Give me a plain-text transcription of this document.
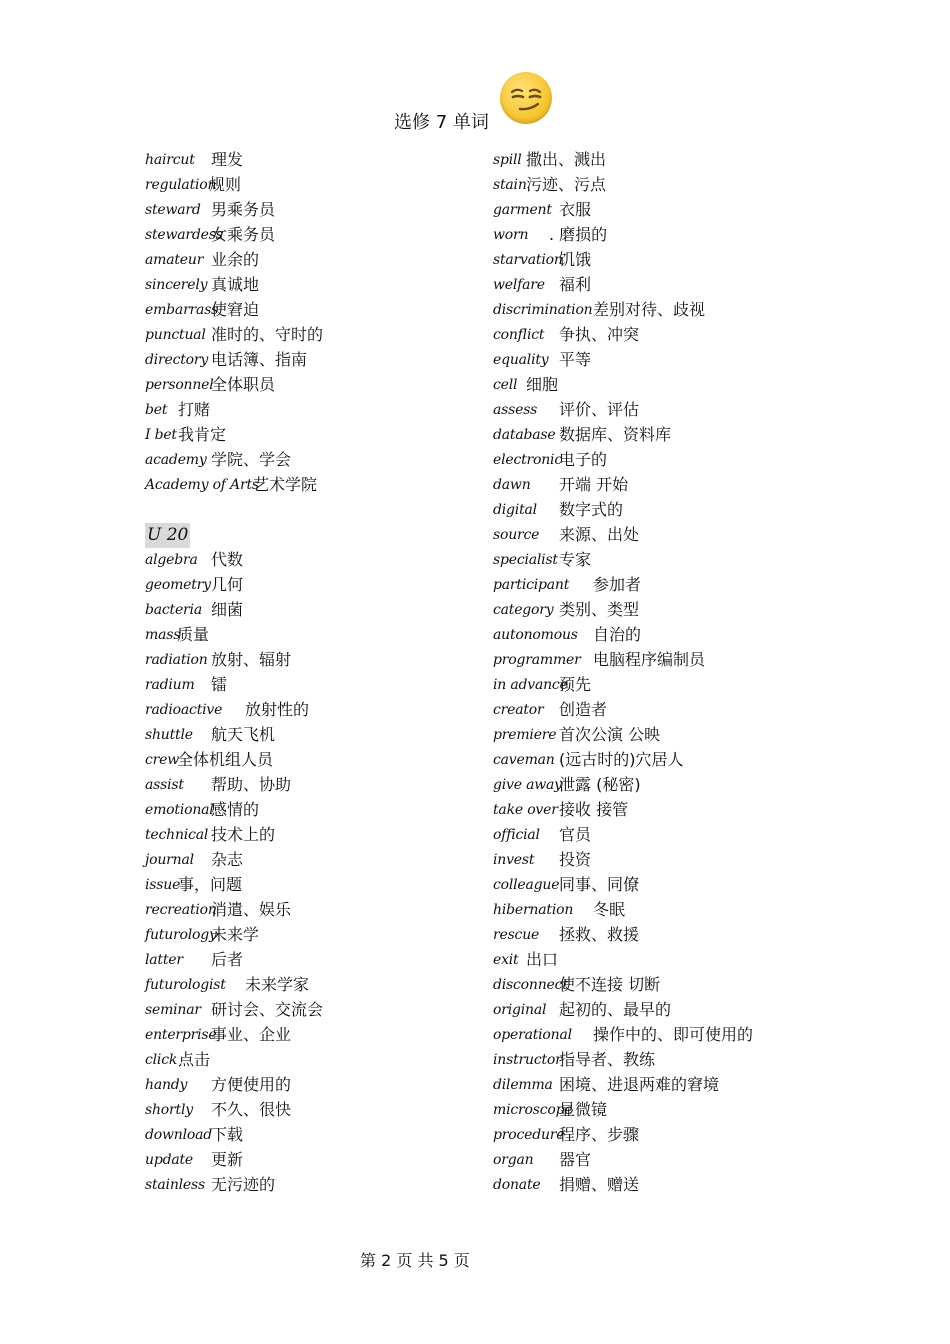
选修 7 单词
haircut 理发
regulation
规则
steward 男乘务员
stewardess
女乘务员
amateur 业余的
sincerely 真诚地
embarrass
使窘迫
punctual 准时的、守时的
directory 电话簿、指南
personnel
全体职员
bet 打赌
I bet 我肯定
academy 学院、学会
Academy of Arts
艺术学院
U 20
algebra 代数
geometry 几何
bacteria 细菌
mass
质量
radiation 放射、辐射
radium 镭
radioactive 放射性的
shuttle 航天飞机
crew
全体机组人员
assist 帮助、协助
emotional
感情的
technical 技术上的
journal 杂志
issue
事，问题
recreation
消遣、娱乐
futurology
未来学
latter 后者
futurologist 未来学家
seminar 研讨会、交流会
enterprise
事业、企业
click 点击
handy 方便使用的
shortly 不久、很快
download
下载
update 更新
stainless 无污迹的
spill 撒出、溅出
stain 污迹、污点
garment 衣服
worn . 磨损的
starvation
饥饿
welfare 福利
discrimination 差别对待、歧视
conflict 争执、冲突
equality 平等
cell 细胞
assess 评价、评估
database 数据库、资料库
electronic
电子的
dawn 开端 开始
digital 数字式的
source 来源、出处
specialist 专家
participant 参加者
category 类别、类型
autonomous 自治的
programmer 电脑程序编制员
in advance
预先
creator 创造者
premiere 首次公演 公映
caveman (远古时的)穴居人
give away
泄露 (秘密)
take over 接收 接管
official 官员
invest 投资
colleague 同事、同僚
hibernation 冬眠
rescue 拯救、救援
exit 出口
disconnect
使不连接 切断
original 起初的、最早的
operational 操作中的、即可使用的
instructor
指导者、教练
dilemma 困境、进退两难的窘境
microscope
显微镜
procedure
程序、步骤
organ 器官
donate 捐赠、赠送
第 2 页 共 5 页
